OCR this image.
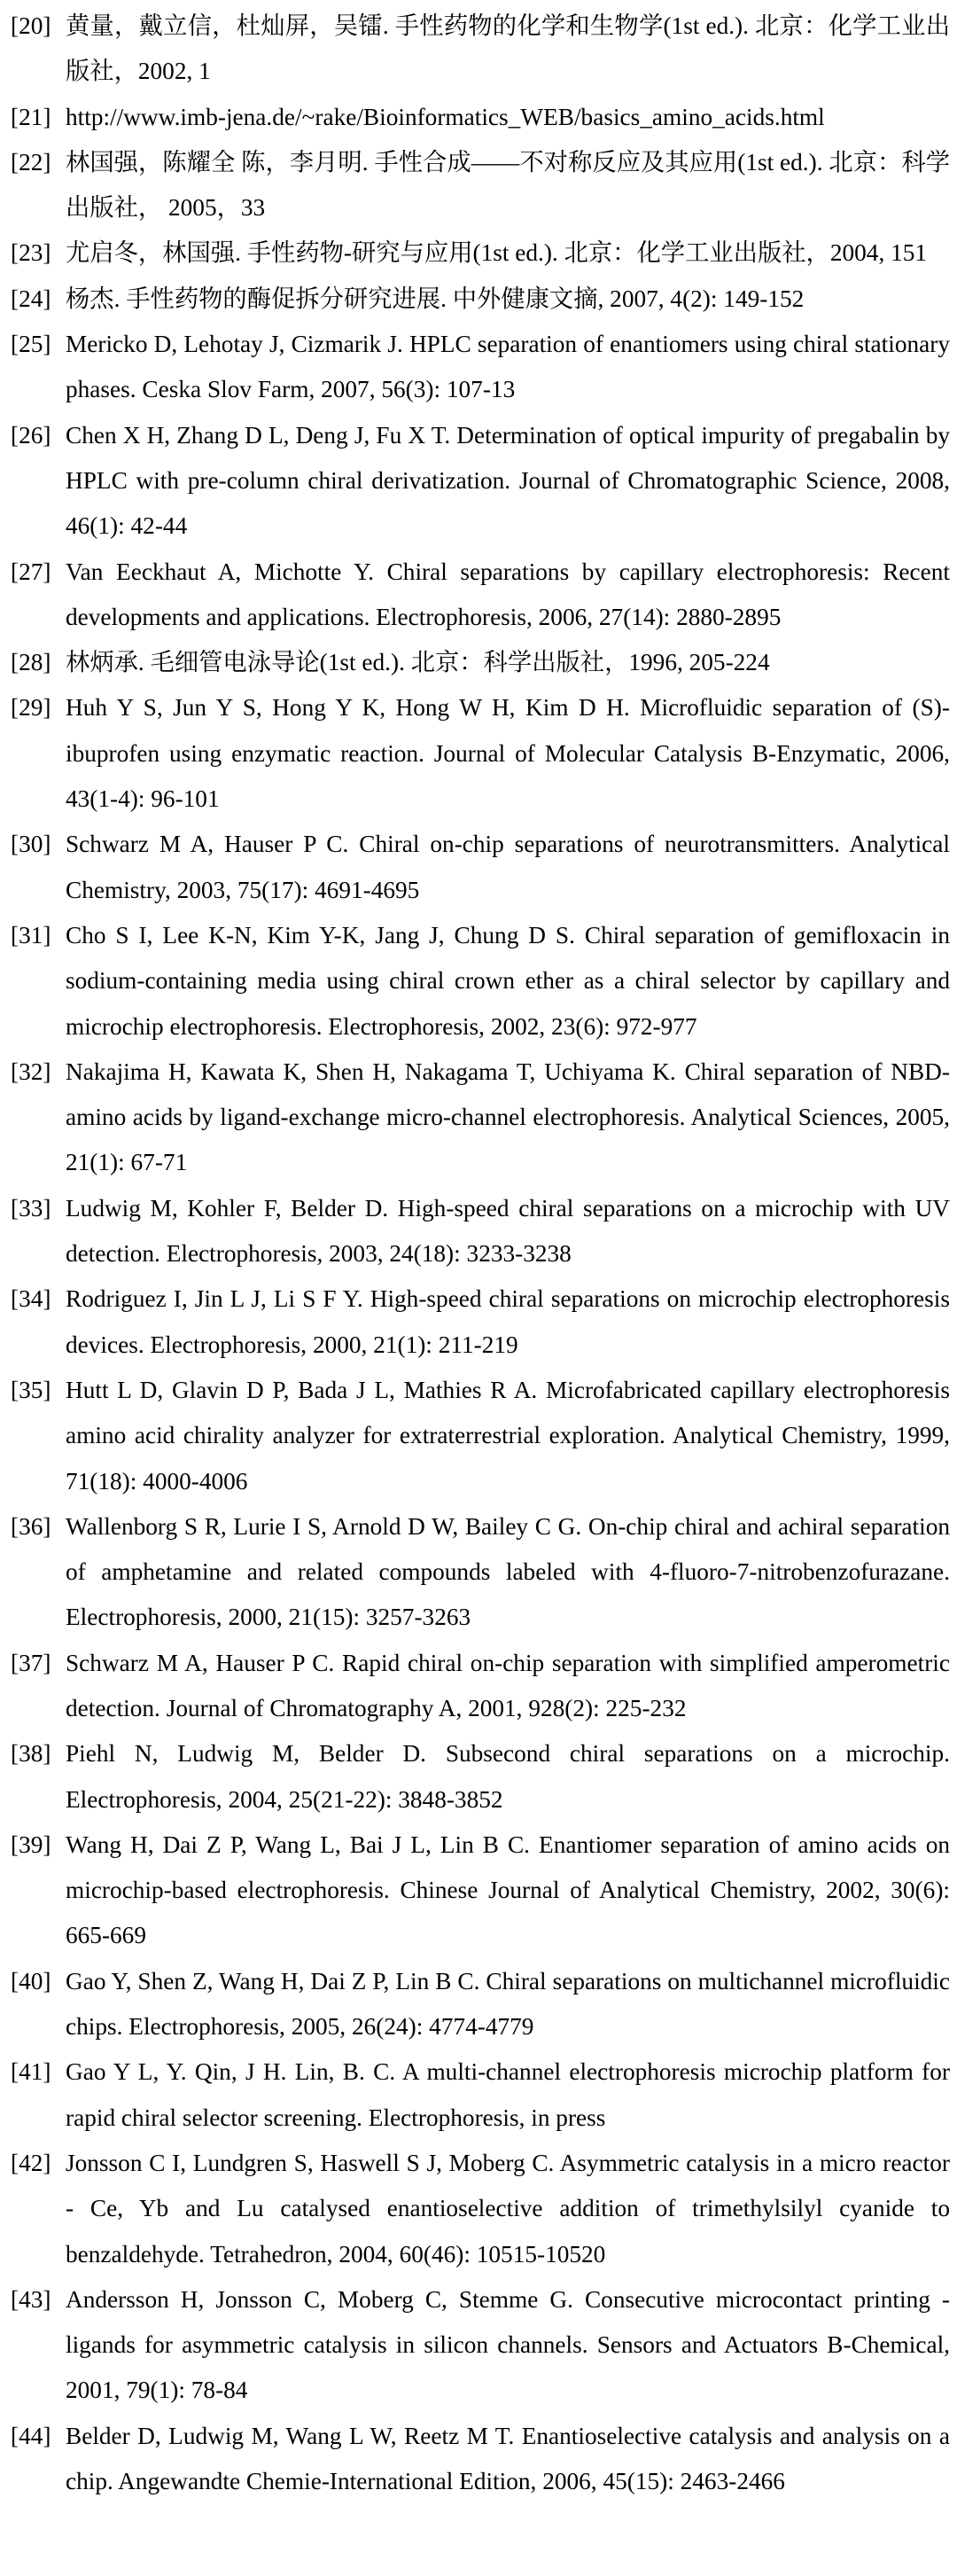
[20] 黄量，戴立信，杜灿屏，吴镭. 手性药物的化学和生物学(1st ed.). 北京：化学工业出版社，2002, 1
[21] http://www.imb-jena.de/~rake/Bioinformatics_WEB/basics_amino_acids.html
[22] 林国强，陈耀全 陈，李月明. 手性合成——不对称反应及其应用(1st ed.). 北京：科学出版社， 2005，33
[23] 尤启冬，林国强. 手性药物-研究与应用(1st ed.). 北京：化学工业出版社，2004, 151
[24] 杨杰. 手性药物的酶促拆分研究进展. 中外健康文摘, 2007, 4(2): 149-152
[25] Mericko D, Lehotay J, Cizmarik J. HPLC separation of enantiomers using chiral stationary phases. Ceska Slov Farm, 2007, 56(3): 107-13
[26] Chen X H, Zhang D L, Deng J, Fu X T. Determination of optical impurity of pregabalin by HPLC with pre-column chiral derivatization. Journal of Chromatographic Science, 2008, 46(1): 42-44
[27] Van Eeckhaut A, Michotte Y. Chiral separations by capillary electrophoresis: Recent developments and applications. Electrophoresis, 2006, 27(14): 2880-2895
[28] 林炳承. 毛细管电泳导论(1st ed.). 北京：科学出版社，1996, 205-224
[29] Huh Y S, Jun Y S, Hong Y K, Hong W H, Kim D H. Microfluidic separation of (S)-ibuprofen using enzymatic reaction. Journal of Molecular Catalysis B-Enzymatic, 2006, 43(1-4): 96-101
[30] Schwarz M A, Hauser P C. Chiral on-chip separations of neurotransmitters. Analytical Chemistry, 2003, 75(17): 4691-4695
[31] Cho S I, Lee K-N, Kim Y-K, Jang J, Chung D S. Chiral separation of gemifloxacin in sodium-containing media using chiral crown ether as a chiral selector by capillary and microchip electrophoresis. Electrophoresis, 2002, 23(6): 972-977
[32] Nakajima H, Kawata K, Shen H, Nakagama T, Uchiyama K. Chiral separation of NBD-amino acids by ligand-exchange micro-channel electrophoresis. Analytical Sciences, 2005, 21(1): 67-71
[33] Ludwig M, Kohler F, Belder D. High-speed chiral separations on a microchip with UV detection. Electrophoresis, 2003, 24(18): 3233-3238
[34] Rodriguez I, Jin L J, Li S F Y. High-speed chiral separations on microchip electrophoresis devices. Electrophoresis, 2000, 21(1): 211-219
[35] Hutt L D, Glavin D P, Bada J L, Mathies R A. Microfabricated capillary electrophoresis amino acid chirality analyzer for extraterrestrial exploration. Analytical Chemistry, 1999, 71(18): 4000-4006
[36] Wallenborg S R, Lurie I S, Arnold D W, Bailey C G. On-chip chiral and achiral separation of amphetamine and related compounds labeled with 4-fluoro-7-nitrobenzofurazane. Electrophoresis, 2000, 21(15): 3257-3263
[37] Schwarz M A, Hauser P C. Rapid chiral on-chip separation with simplified amperometric detection. Journal of Chromatography A, 2001, 928(2): 225-232
[38] Piehl N, Ludwig M, Belder D. Subsecond chiral separations on a microchip. Electrophoresis, 2004, 25(21-22): 3848-3852
[39] Wang H, Dai Z P, Wang L, Bai J L, Lin B C. Enantiomer separation of amino acids on microchip-based electrophoresis. Chinese Journal of Analytical Chemistry, 2002, 30(6): 665-669
[40] Gao Y, Shen Z, Wang H, Dai Z P, Lin B C. Chiral separations on multichannel microfluidic chips. Electrophoresis, 2005, 26(24): 4774-4779
[41] Gao Y L, Y. Qin, J H. Lin, B. C. A multi-channel electrophoresis microchip platform for rapid chiral selector screening. Electrophoresis, in press
[42] Jonsson C I, Lundgren S, Haswell S J, Moberg C. Asymmetric catalysis in a micro reactor - Ce, Yb and Lu catalysed enantioselective addition of trimethylsilyl cyanide to benzaldehyde. Tetrahedron, 2004, 60(46): 10515-10520
[43] Andersson H, Jonsson C, Moberg C, Stemme G. Consecutive microcontact printing - ligands for asymmetric catalysis in silicon channels. Sensors and Actuators B-Chemical, 2001, 79(1): 78-84
[44] Belder D, Ludwig M, Wang L W, Reetz M T. Enantioselective catalysis and analysis on a chip. Angewandte Chemie-International Edition, 2006, 45(15): 2463-2466
